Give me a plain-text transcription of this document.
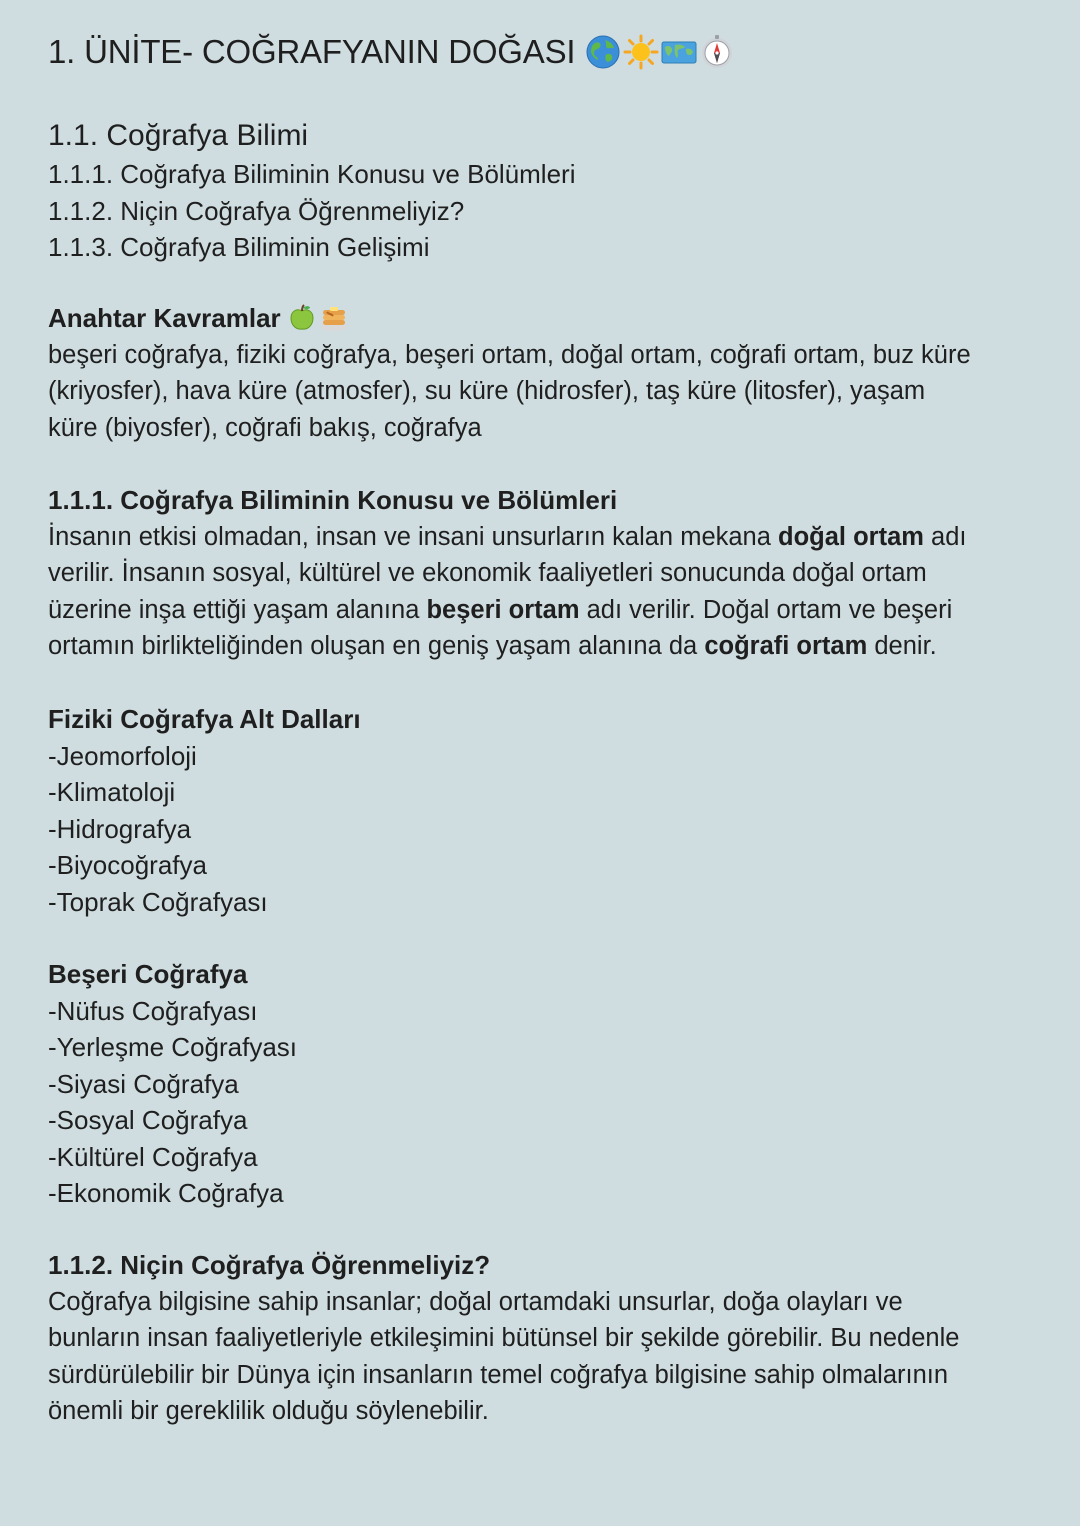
1. ÜNİTE- COĞRAFYANIN DOĞASI
1.1. Coğrafya Bilimi
1.1.1. Coğrafya Biliminin Konusu ve Bölümleri
1.1.2. Niçin Coğrafya Öğrenmeliyiz?
1.1.3. Coğrafya Biliminin Gelişimi
Anahtar Kavramlar

beşeri coğrafya, fiziki coğrafya, beşeri ortam, doğal ortam, coğrafi ortam, buz küre

(kriyosfer), hava küre (atmosfer), su küre (hidrosfer), taş küre (litosfer), yaşam

küre (biyosfer), coğrafi bakış, coğrafya

1.1.1. Coğrafya Biliminin Konusu ve Bölümleri

İnsanın etkisi olmadan, insan ve insani unsurların kalan mekana doğal ortam adı

verilir. İnsanın sosyal, kültürel ve ekonomik faaliyetleri sonucunda doğal ortam

üzerine inşa ettiği yaşam alanına beşeri ortam adı verilir. Doğal ortam ve beşeri

ortamın birlikteliğinden oluşan en geniş yaşam alanına da coğrafi ortam denir.

Fiziki Coğrafya Alt Dalları
-Jeomorfoloji
-Klimatoloji
-Hidrografya
-Biyocoğrafya
-Toprak Coğrafyası
Beşeri Coğrafya
-Nüfus Coğrafyası
-Yerleşme Coğrafyası
-Siyasi Coğrafya
-Sosyal Coğrafya
-Kültürel Coğrafya
-Ekonomik Coğrafya
1.1.2. Niçin Coğrafya Öğrenmeliyiz?

Coğrafya bilgisine sahip insanlar; doğal ortamdaki unsurlar, doğa olayları ve

bunların insan faaliyetleriyle etkileşimini bütünsel bir şekilde görebilir. Bu nedenle

sürdürülebilir bir Dünya için insanların temel coğrafya bilgisine sahip olmalarının

önemli bir gereklilik olduğu söylenebilir.
